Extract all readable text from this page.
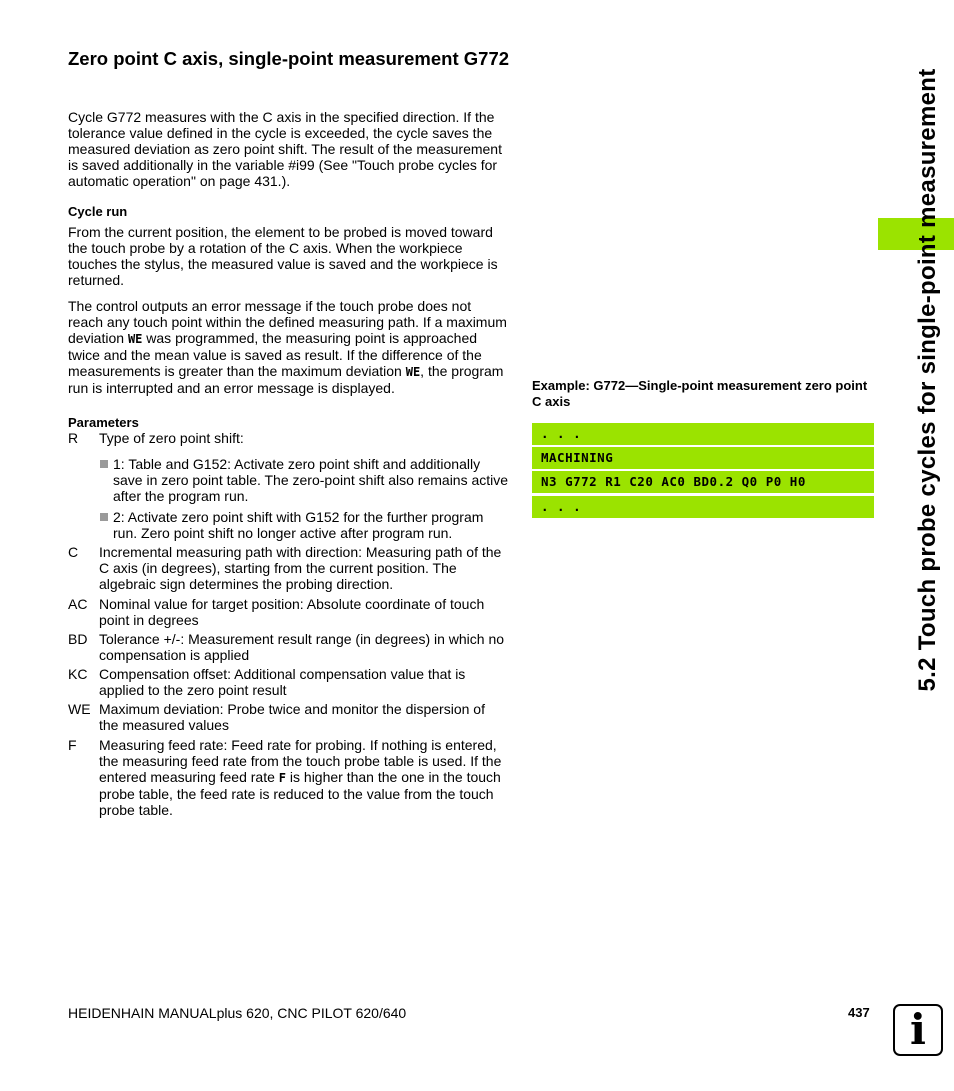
Zero point C axis, single-point measurement G772

Cycle G772 measures with the C axis in the specified direction. If the tolerance value defined in the cycle is exceeded, the cycle saves the measured deviation as zero point shift. The result of the measurement is saved additionally in the variable #i99 (See "Touch probe cycles for automatic operation" on page 431.).

Cycle run

From the current position, the element to be probed is moved toward the touch probe by a rotation of the C axis. When the workpiece touches the stylus, the measured value is saved and the workpiece is returned.

The control outputs an error message if the touch probe does not reach any touch point within the defined measuring path. If a maximum deviation WE was programmed, the measuring point is approached twice and the mean value is saved as result. If the difference of the measurements is greater than the maximum deviation WE, the program run is interrupted and an error message is displayed.

Parameters
R	Type of zero point shift:
1: Table and G152: Activate zero point shift and additionally save in zero point table. The zero-point shift also remains active after the program run.
2: Activate zero point shift with G152 for the further program run. Zero point shift no longer active after program run.
C	Incremental measuring path with direction: Measuring path of the C axis (in degrees), starting from the current position. The algebraic sign determines the probing direction.
AC Nominal value for target position: Absolute coordinate of touch point in degrees
BD Tolerance +/-: Measurement result range (in degrees) in which no compensation is applied
KC Compensation offset: Additional compensation value that is applied to the zero point result
WE Maximum deviation: Probe twice and monitor the dispersion of the measured values
F	Measuring feed rate: Feed rate for probing. If nothing is entered, the measuring feed rate from the touch probe table is used. If the entered measuring feed rate F is higher than the one in the touch probe table, the feed rate is reduced to the value from the touch probe table.
Example: G772—Single-point measurement zero point C axis
. . .
MACHINING
N3 G772 R1 C20 AC0 BD0.2 Q0 P0 H0
. . .	5.2 Touch probe cycles for single-point measurement
HEIDENHAIN MANUALplus 620, CNC PILOT 620/640	437 i
